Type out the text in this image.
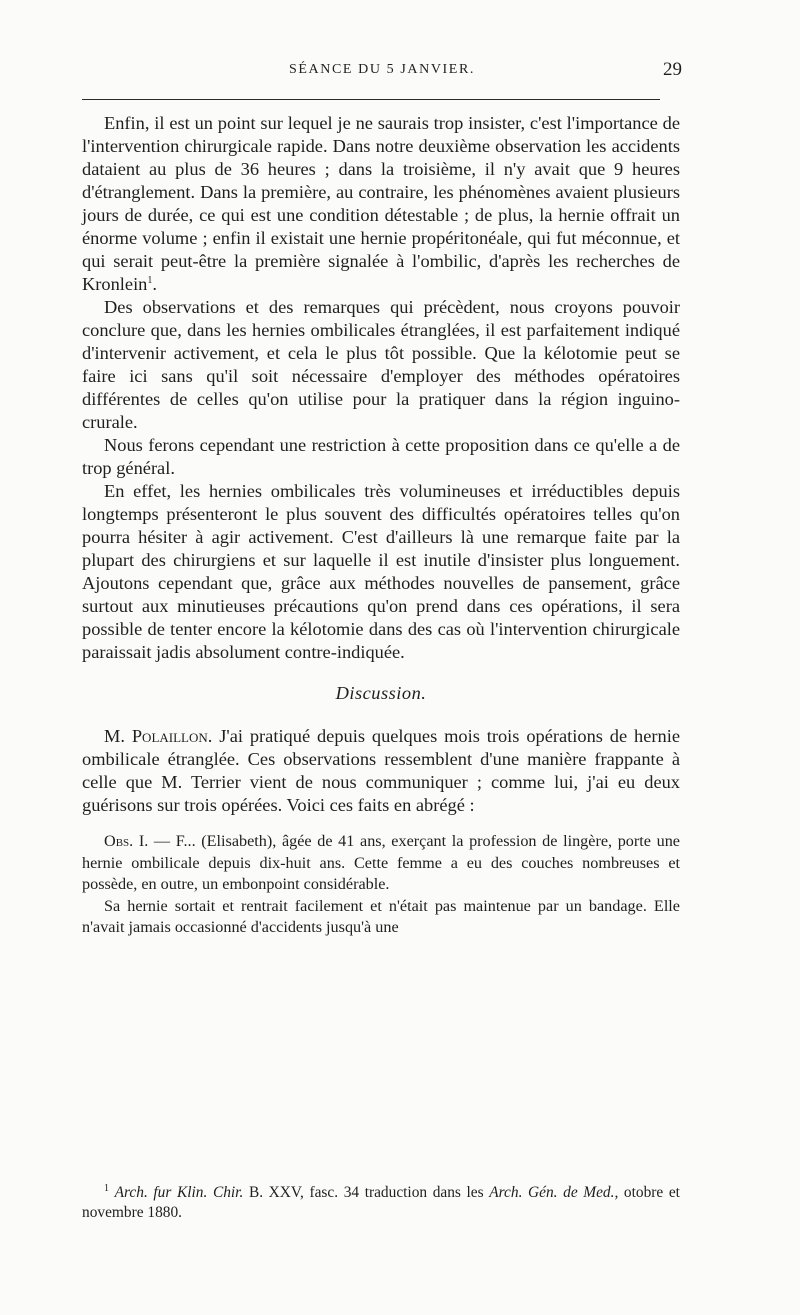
SÉANCE DU 5 JANVIER.	29

Enfin, il est un point sur lequel je ne saurais trop insister, c'est l'importance de l'intervention chirurgicale rapide. Dans notre deuxième observation les accidents dataient au plus de 36 heures ; dans la troisième, il n'y avait que 9 heures d'étranglement. Dans la première, au contraire, les phénomènes avaient plusieurs jours de durée, ce qui est une condition détestable ; de plus, la hernie offrait un énorme volume ; enfin il existait une hernie propéritonéale, qui fut méconnue, et qui serait peut-être la première signalée à l'ombilic, d'après les recherches de Kronlein$^1$.

Des observations et des remarques qui précèdent, nous croyons pouvoir conclure que, dans les hernies ombilicales étranglées, il est parfaitement indiqué d'intervenir activement, et cela le plus tôt possible. Que la kélotomie peut se faire ici sans qu'il soit nécessaire d'employer des méthodes opératoires différentes de celles qu'on utilise pour la pratiquer dans la région inguino-crurale.

Nous ferons cependant une restriction à cette proposition dans ce qu'elle a de trop général.

En effet, les hernies ombilicales très volumineuses et irréductibles depuis longtemps présenteront le plus souvent des difficultés opératoires telles qu'on pourra hésiter à agir activement. C'est d'ailleurs là une remarque faite par la plupart des chirurgiens et sur laquelle il est inutile d'insister plus longuement. Ajoutons cependant que, grâce aux méthodes nouvelles de pansement, grâce surtout aux minutieuses précautions qu'on prend dans ces opérations, il sera possible de tenter encore la kélotomie dans des cas où l'intervention chirurgicale paraissait jadis absolument contre-indiquée.

Discussion.

M. Polaillon. J'ai pratiqué depuis quelques mois trois opérations de hernie ombilicale étranglée. Ces observations ressemblent d'une manière frappante à celle que M. Terrier vient de nous communiquer ; comme lui, j'ai eu deux guérisons sur trois opérées. Voici ces faits en abrégé :

Obs. I. — F... (Elisabeth), âgée de 41 ans, exerçant la profession de lingère, porte une hernie ombilicale depuis dix-huit ans. Cette femme a eu des couches nombreuses et possède, en outre, un embonpoint considérable.

Sa hernie sortait et rentrait facilement et n'était pas maintenue par un bandage. Elle n'avait jamais occasionné d'accidents jusqu'à une

$^1$ Arch. fur Klin. Chir. B. XXV, fasc. 34 traduction dans les Arch. Gén. de Med., otobre et novembre 1880.
